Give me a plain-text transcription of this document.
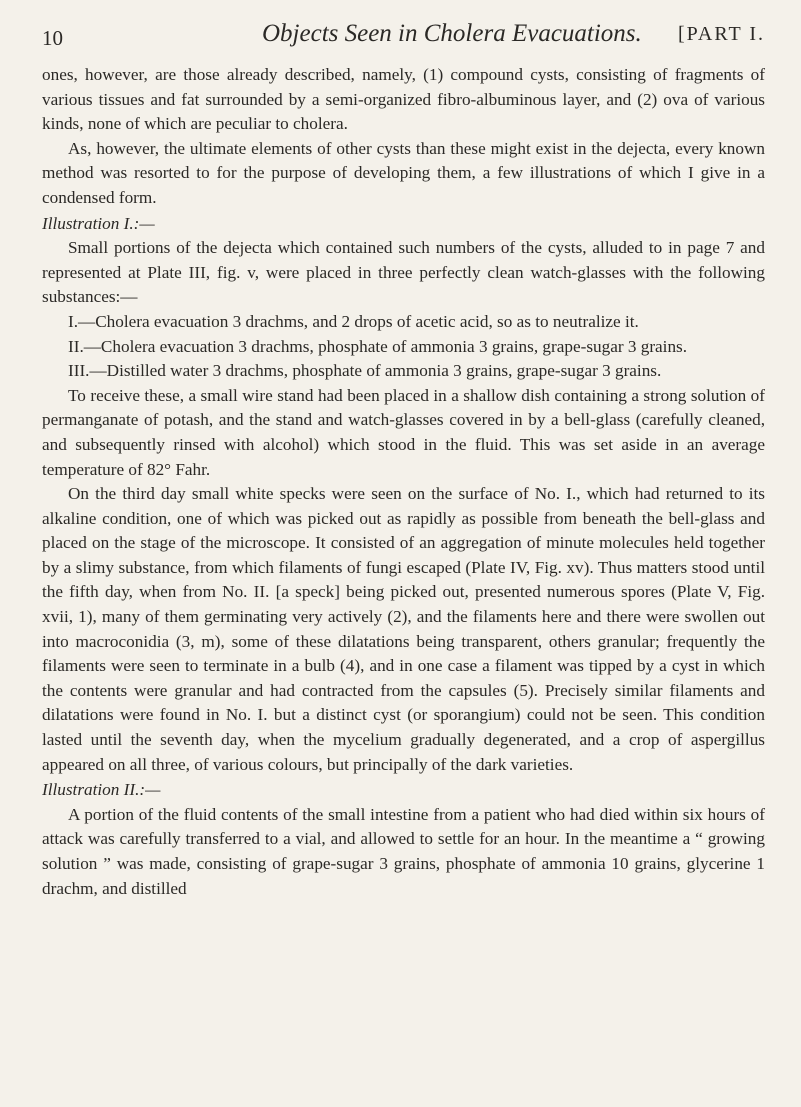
10	Objects Seen in Cholera Evacuations. [PART I.

ones, however, are those already described, namely, (1) compound cysts, consisting of fragments of various tissues and fat surrounded by a semi-organized fibro-albuminous layer, and (2) ova of various kinds, none of which are peculiar to cholera.

As, however, the ultimate elements of other cysts than these might exist in the dejecta, every known method was resorted to for the purpose of developing them, a few illustrations of which I give in a condensed form.

Illustration I.:—

Small portions of the dejecta which contained such numbers of the cysts, alluded to in page 7 and represented at Plate III, fig. v, were placed in three perfectly clean watch-glasses with the following substances:—

I.—Cholera evacuation 3 drachms, and 2 drops of acetic acid, so as to neutralize it.

II.—Cholera evacuation 3 drachms, phosphate of ammonia 3 grains, grape-sugar 3 grains.

III.—Distilled water 3 drachms, phosphate of ammonia 3 grains, grape-sugar 3 grains.

To receive these, a small wire stand had been placed in a shallow dish containing a strong solution of permanganate of potash, and the stand and watch-glasses covered in by a bell-glass (carefully cleaned, and subsequently rinsed with alcohol) which stood in the fluid. This was set aside in an average temperature of 82° Fahr.

On the third day small white specks were seen on the surface of No. I., which had returned to its alkaline condition, one of which was picked out as rapidly as possible from beneath the bell-glass and placed on the stage of the microscope. It consisted of an aggregation of minute molecules held together by a slimy substance, from which filaments of fungi escaped (Plate IV, Fig. xv). Thus matters stood until the fifth day, when from No. II. [a speck] being picked out, presented numerous spores (Plate V, Fig. xvii, 1), many of them germinating very actively (2), and the filaments here and there were swollen out into macroconidia (3, m), some of these dilatations being transparent, others granular; frequently the filaments were seen to terminate in a bulb (4), and in one case a filament was tipped by a cyst in which the contents were granular and had contracted from the capsules (5). Precisely similar filaments and dilatations were found in No. I. but a distinct cyst (or sporangium) could not be seen. This condition lasted until the seventh day, when the mycelium gradually degenerated, and a crop of aspergillus appeared on all three, of various colours, but principally of the dark varieties.

Illustration II.:—

A portion of the fluid contents of the small intestine from a patient who had died within six hours of attack was carefully transferred to a vial, and allowed to settle for an hour. In the meantime a “ growing solution ” was made, consisting of grape-sugar 3 grains, phosphate of ammonia 10 grains, glycerine 1 drachm, and distilled
